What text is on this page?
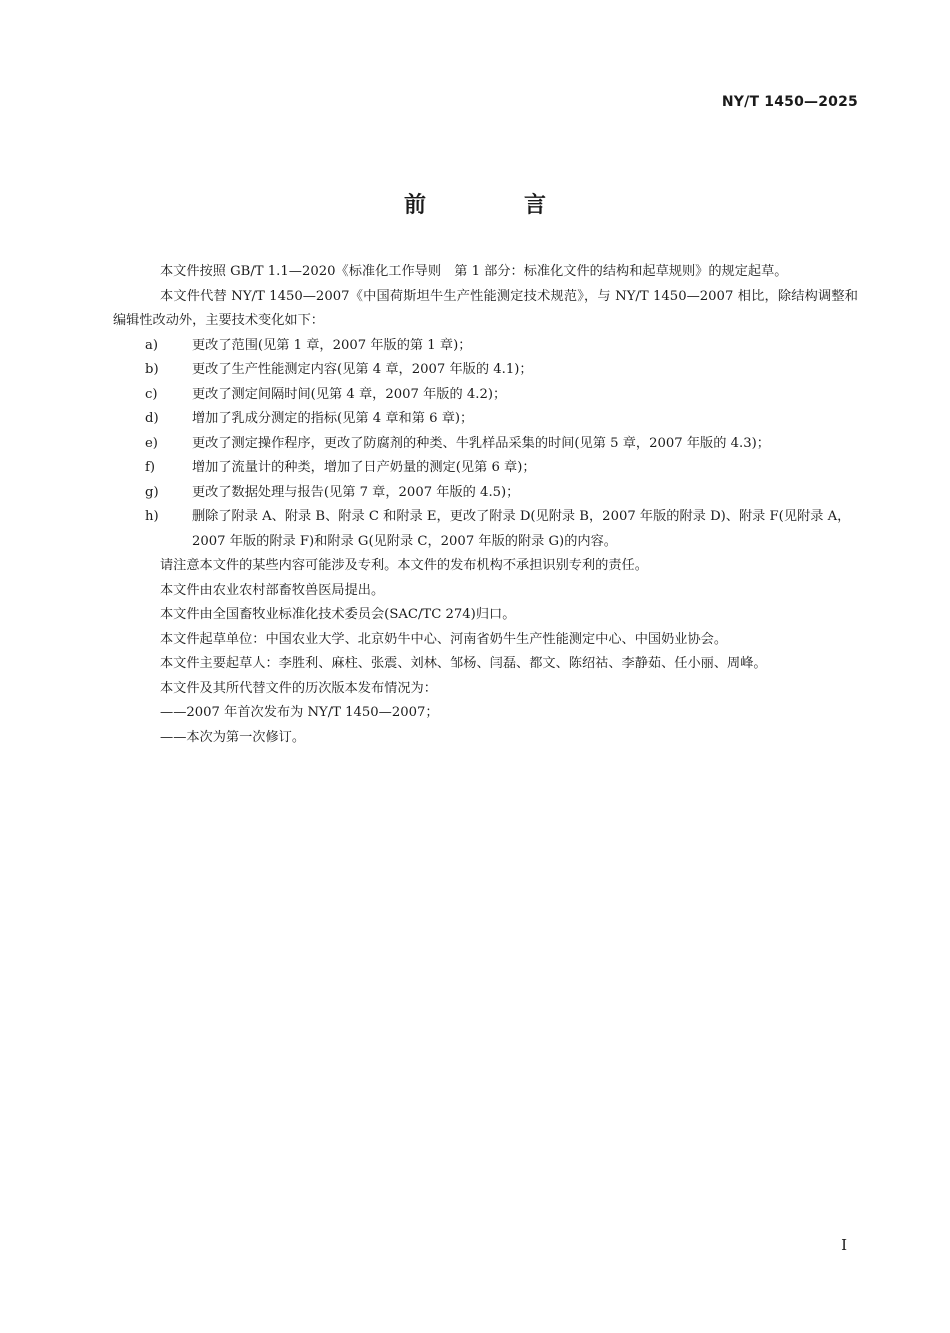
NY/T 1450—2025
前　言

本文件按照 GB/T 1.1—2020《标准化工作导则　第 1 部分：标准化文件的结构和起草规则》的规定起草。

本文件代替 NY/T 1450—2007《中国荷斯坦牛生产性能测定技术规范》，与 NY/T 1450—2007 相比，除结构调整和编辑性改动外，主要技术变化如下：

a)	更改了范围(见第 1 章，2007 年版的第 1 章)；
b)	更改了生产性能测定内容(见第 4 章，2007 年版的 4.1)；
c)	更改了测定间隔时间(见第 4 章，2007 年版的 4.2)；
d)	增加了乳成分测定的指标(见第 4 章和第 6 章)；
e)	更改了测定操作程序，更改了防腐剂的种类、牛乳样品采集的时间(见第 5 章，2007 年版的 4.3)；
f)	增加了流量计的种类，增加了日产奶量的测定(见第 6 章)；
g)	更改了数据处理与报告(见第 7 章，2007 年版的 4.5)；
h)	删除了附录 A、附录 B、附录 C 和附录 E，更改了附录 D(见附录 B，2007 年版的附录 D)、附录 F(见附录 A，2007 年版的附录 F)和附录 G(见附录 C，2007 年版的附录 G)的内容。

请注意本文件的某些内容可能涉及专利。本文件的发布机构不承担识别专利的责任。

本文件由农业农村部畜牧兽医局提出。

本文件由全国畜牧业标准化技术委员会(SAC/TC 274)归口。

本文件起草单位：中国农业大学、北京奶牛中心、河南省奶牛生产性能测定中心、中国奶业协会。

本文件主要起草人：李胜利、麻柱、张震、刘林、邹杨、闫磊、都文、陈绍祜、李静茹、任小丽、周峰。

本文件及其所代替文件的历次版本发布情况为：

——2007 年首次发布为 NY/T 1450—2007；

——本次为第一次修订。

I
